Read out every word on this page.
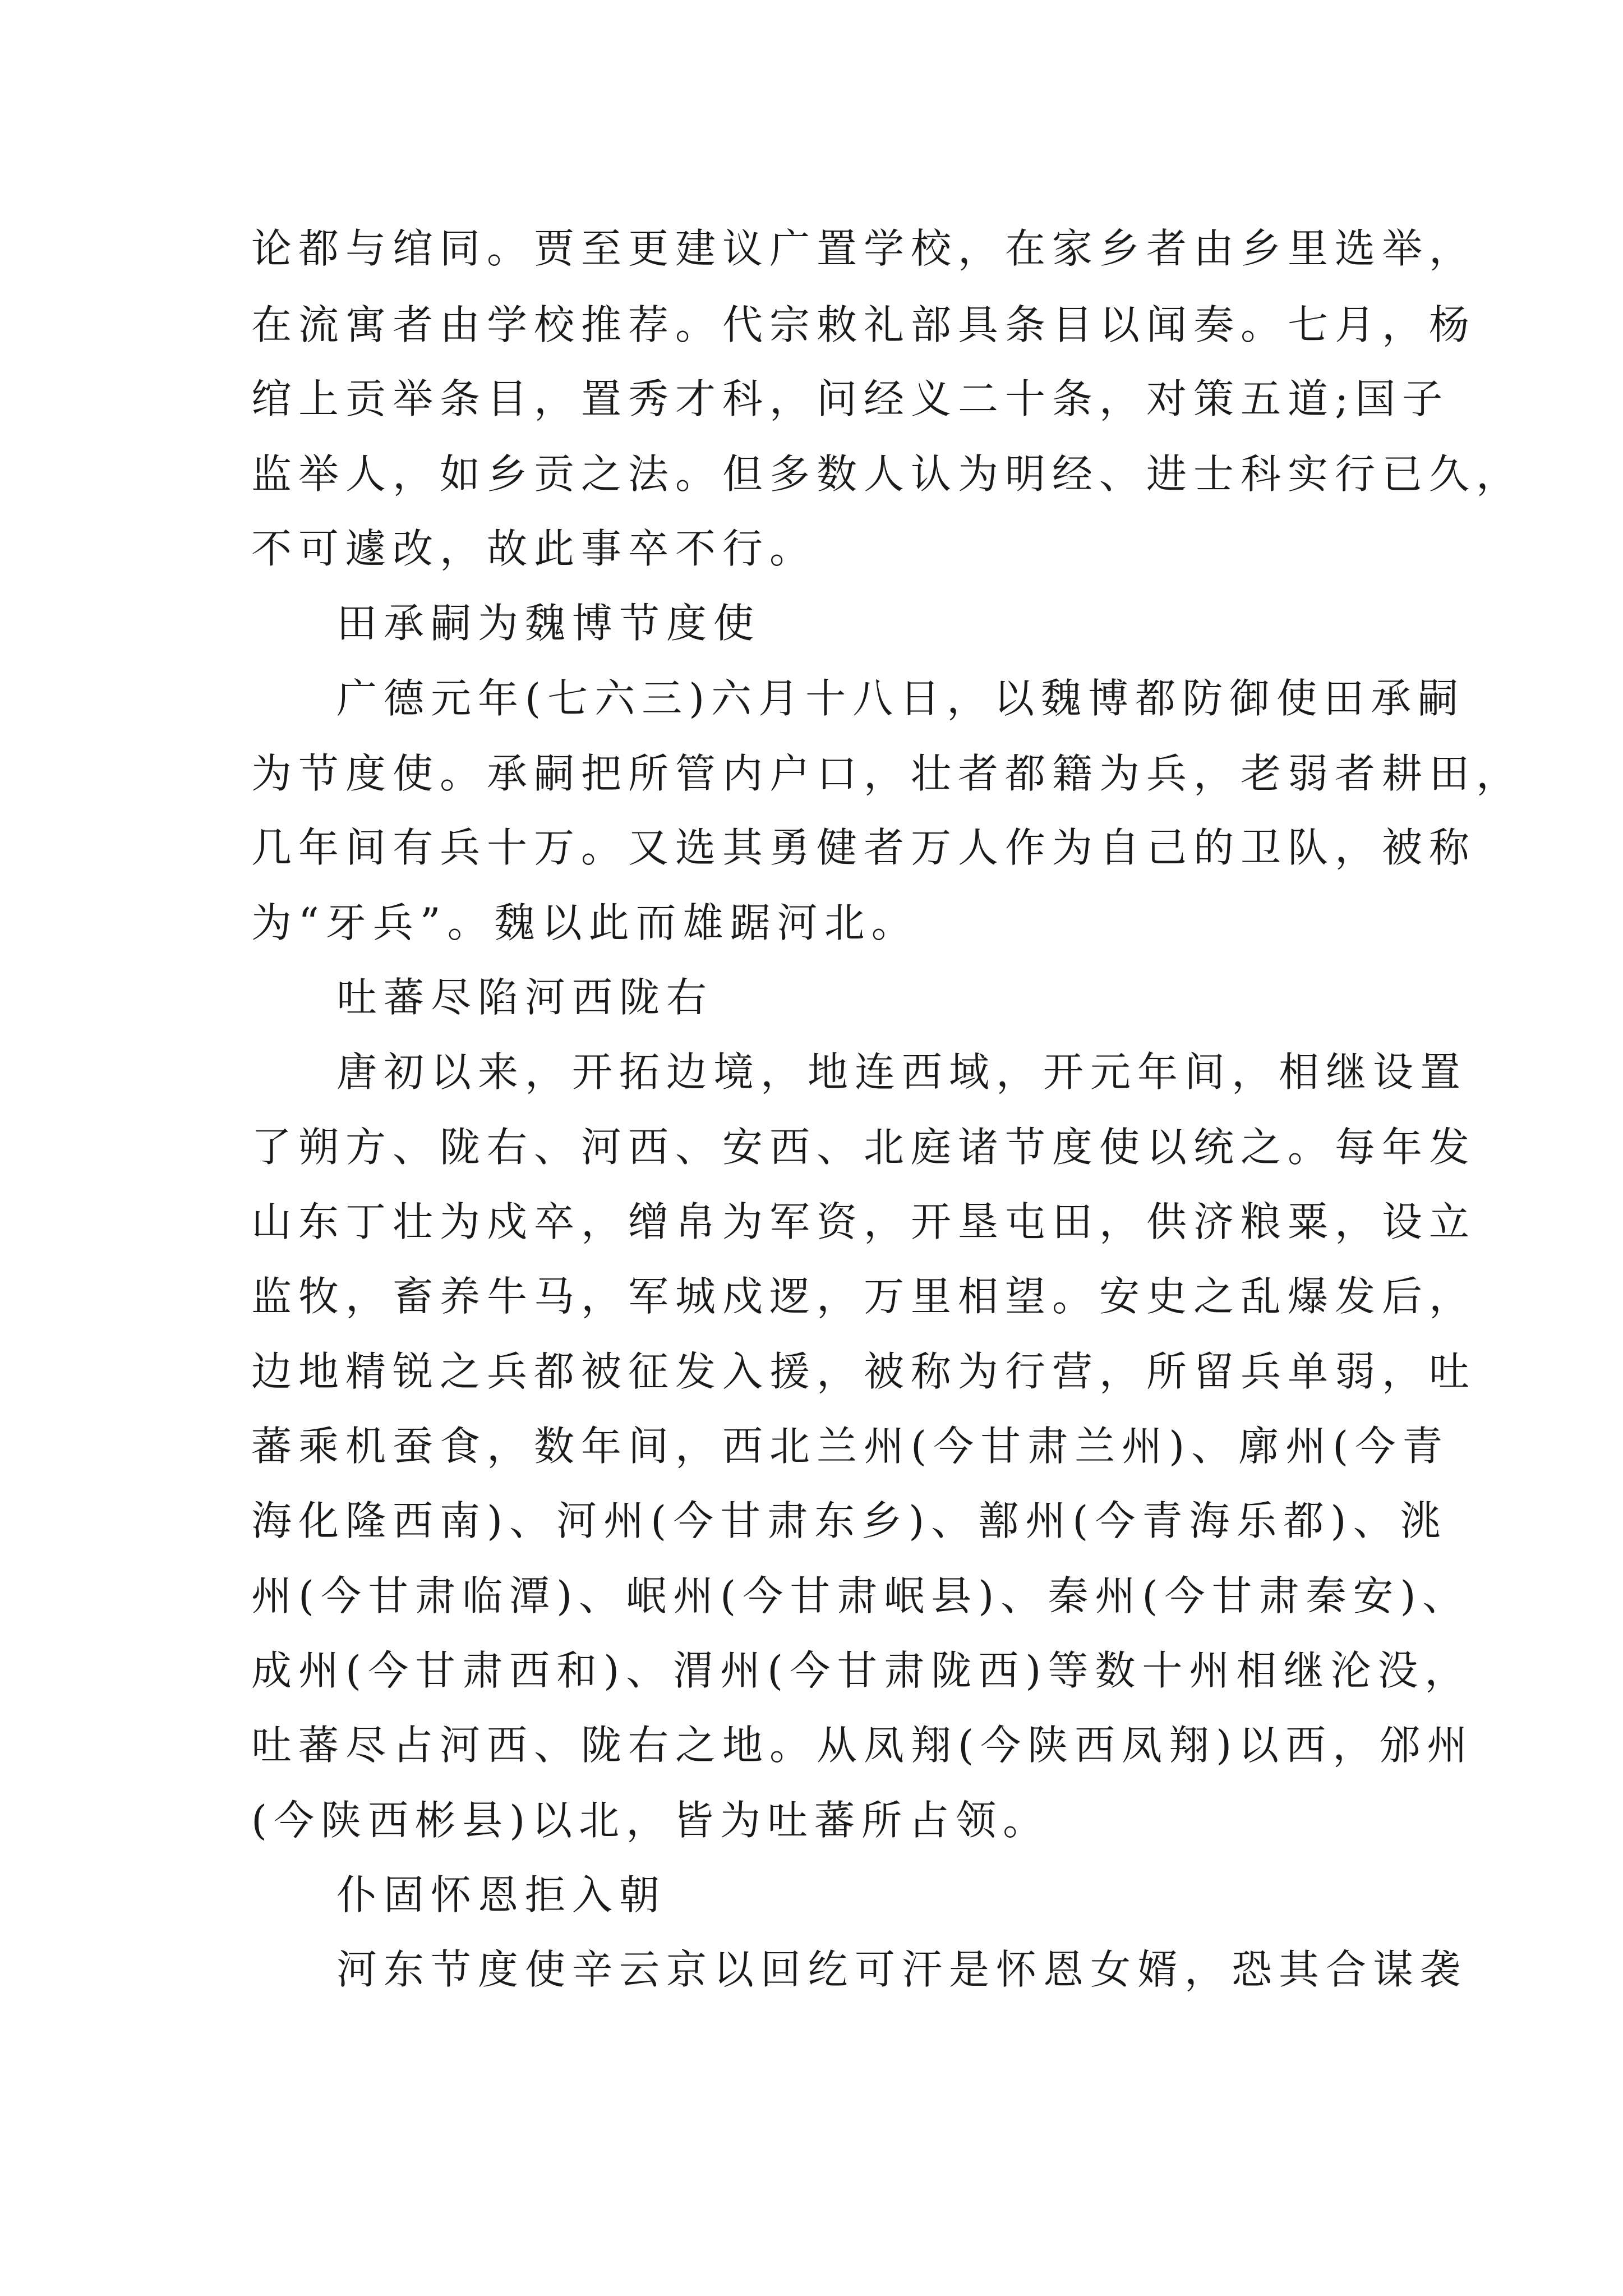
论都与绾同。贾至更建议广置学校，在家乡者由乡里选举，
在流寓者由学校推荐。代宗敕礼部具条目以闻奏。七月，杨
绾上贡举条目，置秀才科，问经义二十条，对策五道;国子
监举人，如乡贡之法。但多数人认为明经、进士科实行已久，
不可遽改，故此事卒不行。
田承嗣为魏博节度使
广德元年(七六三)六月十八日，以魏博都防御使田承嗣
为节度使。承嗣把所管内户口，壮者都籍为兵，老弱者耕田，
几年间有兵十万。又选其勇健者万人作为自己的卫队，被称
为“牙兵”。魏以此而雄踞河北。
吐蕃尽陷河西陇右
唐初以来，开拓边境，地连西域，开元年间，相继设置
了朔方、陇右、河西、安西、北庭诸节度使以统之。每年发
山东丁壮为戍卒，缯帛为军资，开垦屯田，供济粮粟，设立
监牧，畜养牛马，军城戍逻，万里相望。安史之乱爆发后，
边地精锐之兵都被征发入援，被称为行营，所留兵单弱，吐
蕃乘机蚕食，数年间，西北兰州(今甘肃兰州)、廓州(今青
海化隆西南)、河州(今甘肃东乡)、鄯州(今青海乐都)、洮
州(今甘肃临潭)、岷州(今甘肃岷县)、秦州(今甘肃秦安)、
成州(今甘肃西和)、渭州(今甘肃陇西)等数十州相继沦没，
吐蕃尽占河西、陇右之地。从凤翔(今陕西凤翔)以西，邠州
(今陕西彬县)以北，皆为吐蕃所占领。
仆固怀恩拒入朝
河东节度使辛云京以回纥可汗是怀恩女婿，恐其合谋袭
